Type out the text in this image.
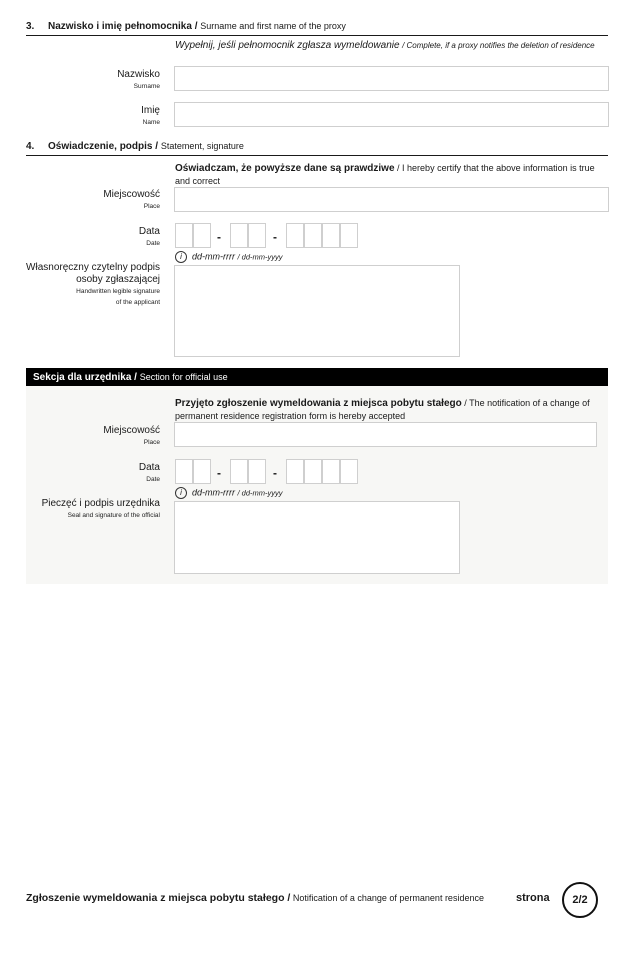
3. Nazwisko i imię pełnomocnika / Surname and first name of the proxy
Wypełnij, jeśli pełnomocnik zgłasza wymeldowanie / Complete, if a proxy notifies the deletion of residence
Nazwisko
Surname
Imię
Name
4. Oświadczenie, podpis / Statement, signature
Oświadczam, że powyższe dane są prawdziwe / I hereby certify that the above information is true and correct
Miejscowość
Place
Data
Date	-	-
i dd-mm-rrrr / dd-mm-yyyy
Własnoręczny czytelny podpis
osoby zgłaszającej
Handwritten legible signature
of the applicant
Sekcja dla urzędnika / Section for official use
Przyjęto zgłoszenie wymeldowania z miejsca pobytu stałego / The notification of a change of permanent residence registration form is hereby accepted
Miejscowość
Place
Data
Date	-	-
i dd-mm-rrrr / dd-mm-yyyy
Pieczęć i podpis urzędnika
Seal and signature of the official
Zgłoszenie wymeldowania z miejsca pobytu stałego / Notification of a change of permanent residence	strona	2/2
